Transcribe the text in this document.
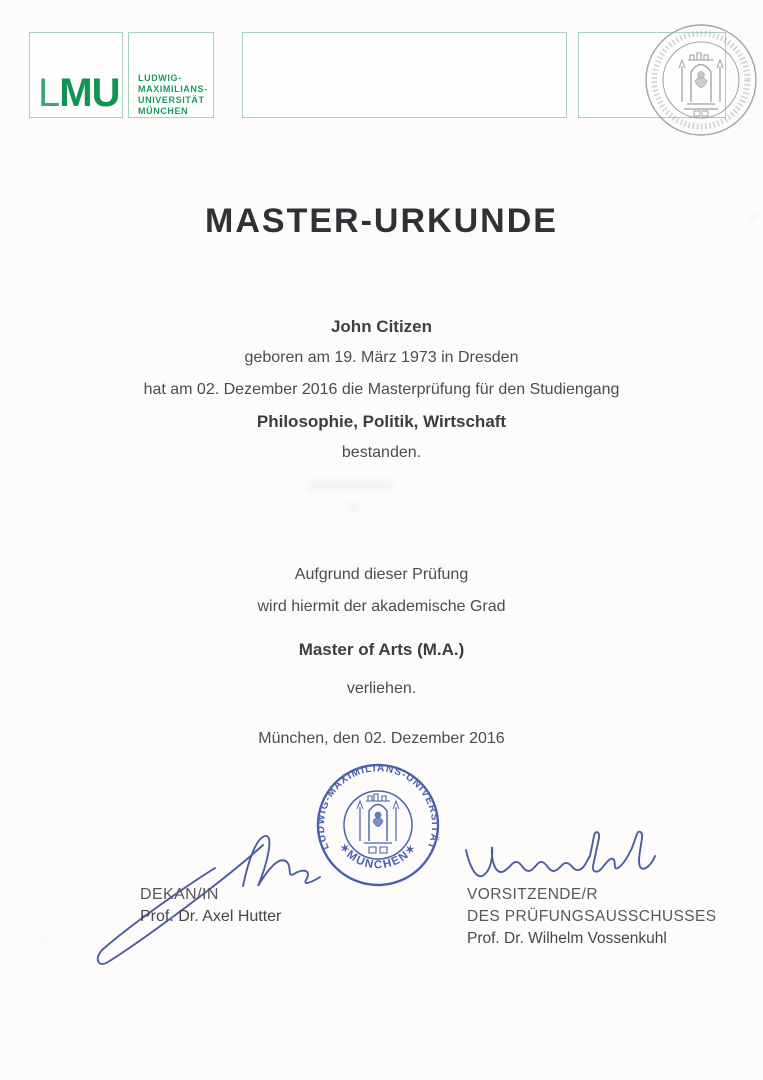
LMU LUDWIG-
MAXIMILIANS-
UNIVERSITÄT
MÜNCHEN
MASTER-URKUNDE
John Citizen
geboren am 19. März 1973 in Dresden
hat am 02. Dezember 2016 die Masterprüfung für den Studiengang
Philosophie, Politik, Wirtschaft
bestanden.
Aufgrund dieser Prüfung
wird hiermit der akademische Grad
Master of Arts (M.A.)
verliehen.
München, den 02. Dezember 2016
LUDWIG-MAXIMILIANS-UNIVERSITÄT
✶MÜNCHEN✶
DEKAN/IN
Prof. Dr. Axel Hutter
VORSITZENDE/R
DES PRÜFUNGSAUSSCHUSSES
Prof. Dr. Wilhelm Vossenkuhl
